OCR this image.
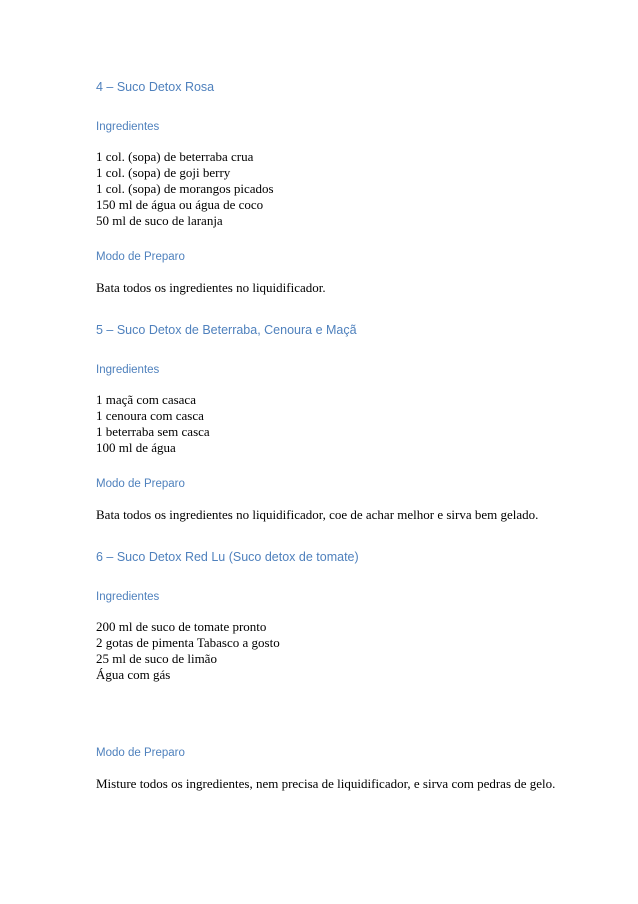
4 – Suco Detox Rosa

Ingredientes

1 col. (sopa) de beterraba crua

1 col. (sopa) de goji berry

1 col. (sopa) de morangos picados

150 ml de água ou água de coco

50 ml de suco de laranja

Modo de Preparo

Bata todos os ingredientes no liquidificador.

5 – Suco Detox de Beterraba, Cenoura e Maçã

Ingredientes

1 maçã com casaca

1 cenoura com casca

1 beterraba sem casca

100 ml de água

Modo de Preparo

Bata todos os ingredientes no liquidificador, coe de achar melhor e sirva bem gelado.

6 – Suco Detox Red Lu (Suco detox de tomate)

Ingredientes

200 ml de suco de tomate pronto

2 gotas de pimenta Tabasco a gosto

25 ml de suco de limão

Água com gás

Modo de Preparo

Misture todos os ingredientes, nem precisa de liquidificador, e sirva com pedras de gelo.
